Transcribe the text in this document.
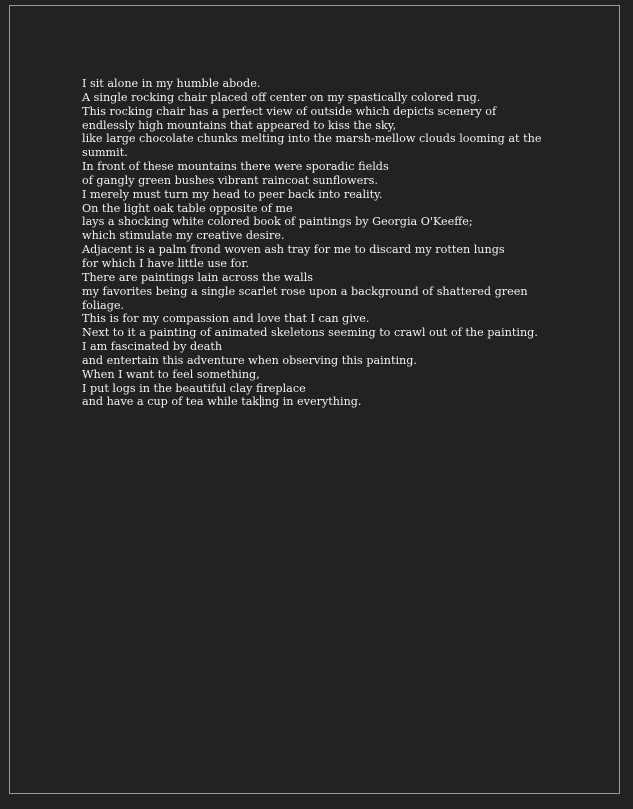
I sit alone in my humble abode.
A single rocking chair placed off center on my spastically colored rug.
This rocking chair has a perfect view of outside which depicts scenery of endlessly high mountains that appeared to kiss the sky,
like large chocolate chunks melting into the marsh-mellow clouds looming at the summit.
In front of these mountains there were sporadic fields
of gangly green bushes vibrant raincoat sunflowers.
I merely must turn my head to peer back into reality.
On the light oak table opposite of me
lays a shocking white colored book of paintings by Georgia O'Keeffe;
which stimulate my creative desire.
Adjacent is a palm frond woven ash tray for me to discard my rotten lungs
for which I have little use for.
There are paintings lain across the walls
my favorites being a single scarlet rose upon a background of shattered green foliage.
This is for my compassion and love that I can give.
Next to it a painting of animated skeletons seeming to crawl out of the painting.
I am fascinated by death
and entertain this adventure when observing this painting.
When I want to feel something,
I put logs in the beautiful clay fireplace
and have a cup of tea while tak ing in everything.
